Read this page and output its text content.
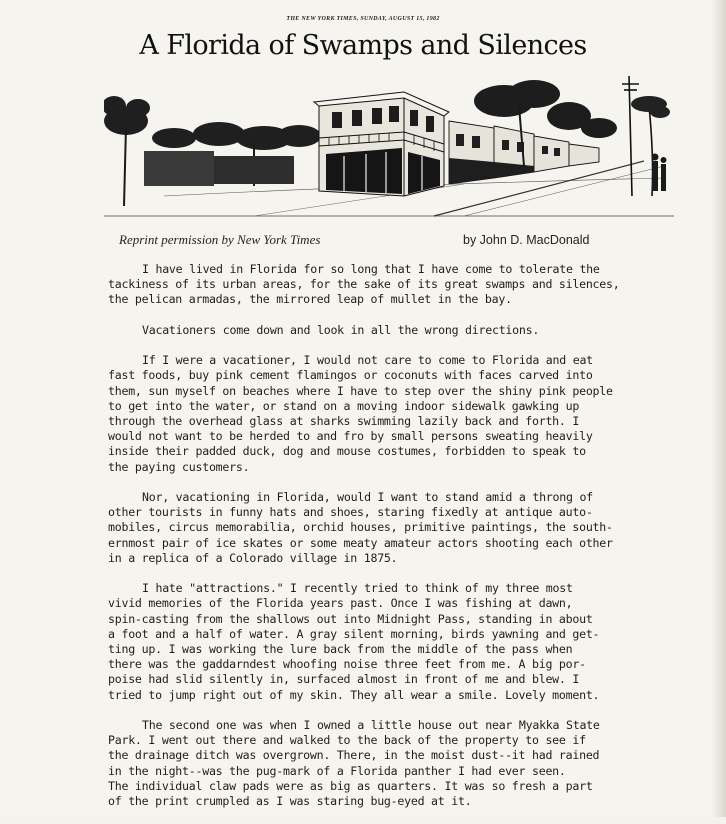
THE NEW YORK TIMES, SUNDAY, AUGUST 15, 1982
A Florida of Swamps and Silences
Reprint permission by New York Times	by John D. MacDonald
I have lived in Florida for so long that I have come to tolerate the
tackiness of its urban areas, for the sake of its great swamps and silences,
the pelican armadas, the mirrored leap of mullet in the bay.
Vacationers come down and look in all the wrong directions.
If I were a vacationer, I would not care to come to Florida and eat
fast foods, buy pink cement flamingos or coconuts with faces carved into
them, sun myself on beaches where I have to step over the shiny pink people
to get into the water, or stand on a moving indoor sidewalk gawking up
through the overhead glass at sharks swimming lazily back and forth. I
would not want to be herded to and fro by small persons sweating heavily
inside their padded duck, dog and mouse costumes, forbidden to speak to
the paying customers.
Nor, vacationing in Florida, would I want to stand amid a throng of
other tourists in funny hats and shoes, staring fixedly at antique auto-
mobiles, circus memorabilia, orchid houses, primitive paintings, the south-
ernmost pair of ice skates or some meaty amateur actors shooting each other
in a replica of a Colorado village in 1875.
I hate "attractions." I recently tried to think of my three most
vivid memories of the Florida years past. Once I was fishing at dawn,
spin-casting from the shallows out into Midnight Pass, standing in about
a foot and a half of water. A gray silent morning, birds yawning and get-
ting up. I was working the lure back from the middle of the pass when
there was the gaddarndest whoofing noise three feet from me. A big por-
poise had slid silently in, surfaced almost in front of me and blew. I
tried to jump right out of my skin. They all wear a smile. Lovely moment.
The second one was when I owned a little house out near Myakka State
Park. I went out there and walked to the back of the property to see if
the drainage ditch was overgrown. There, in the moist dust--it had rained
in the night--was the pug-mark of a Florida panther I had ever seen.
The individual claw pads were as big as quarters. It was so fresh a part
of the print crumpled as I was staring bug-eyed at it.
